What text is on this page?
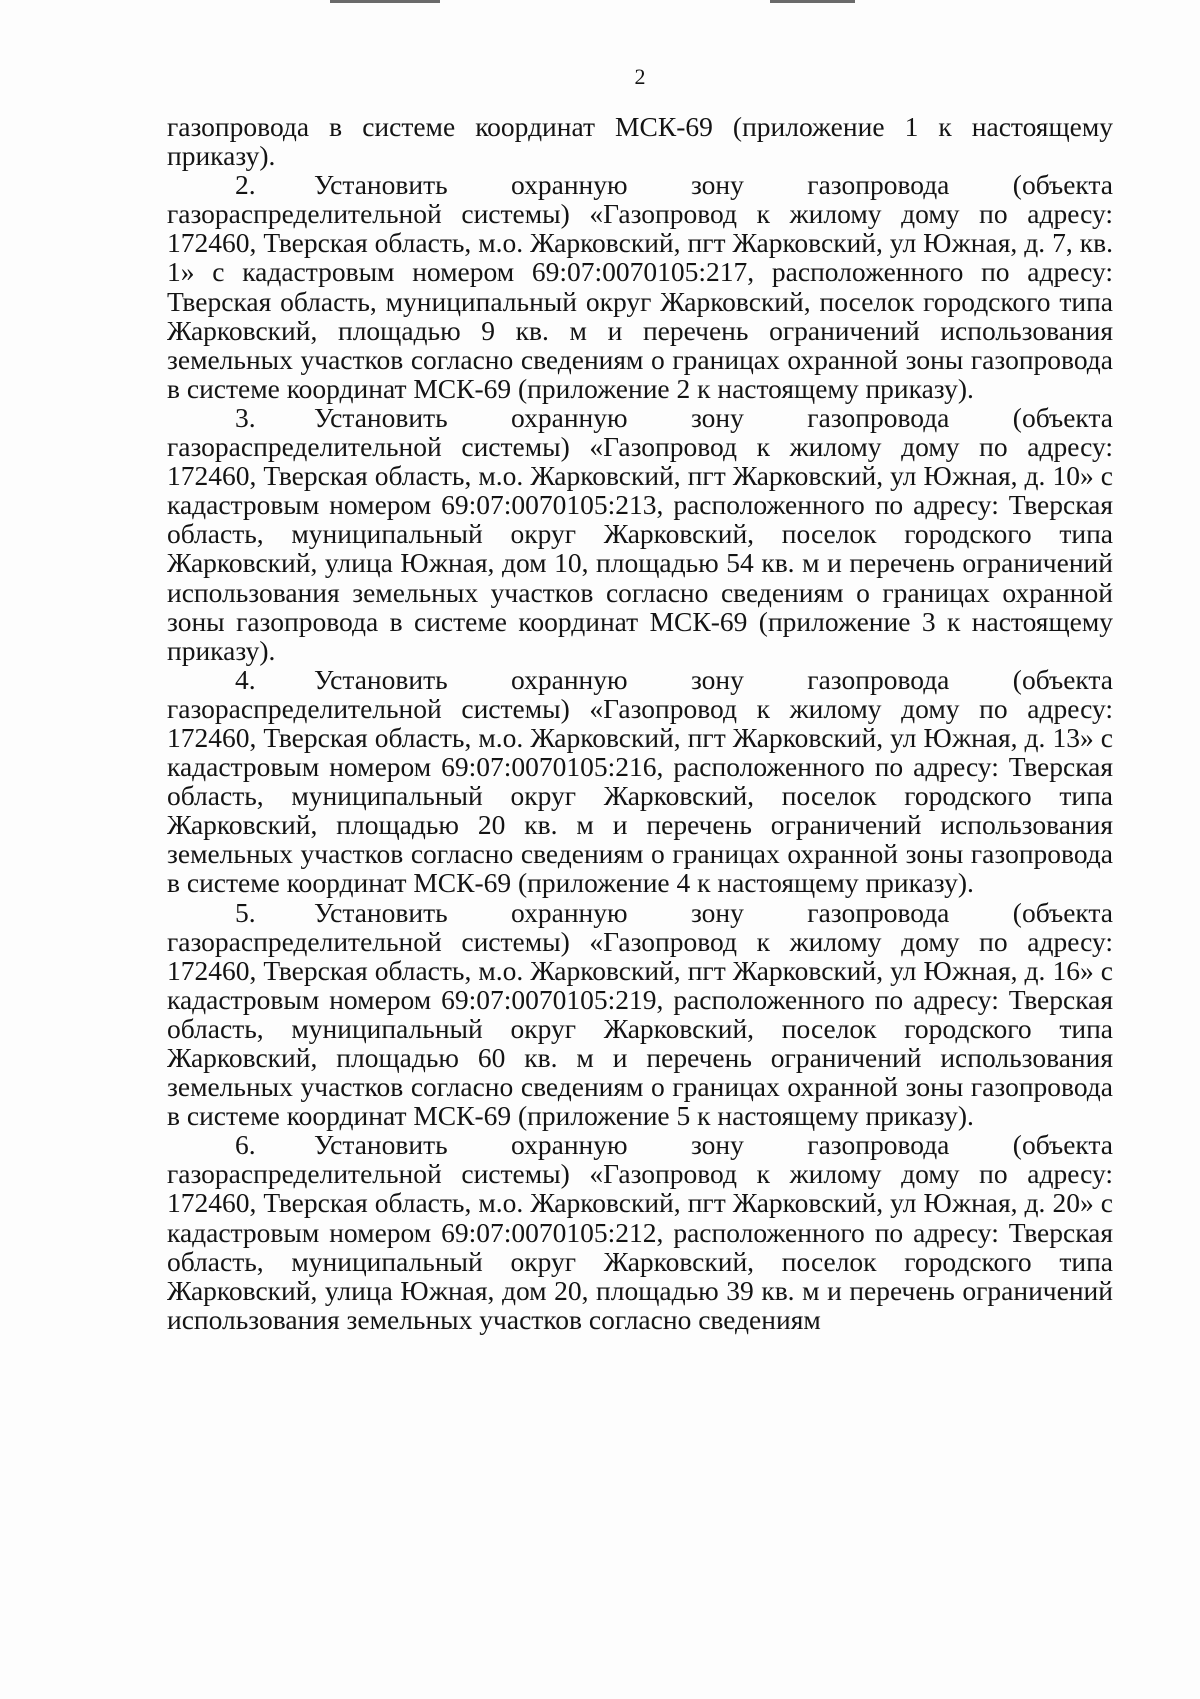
2

газопровода в системе координат МСК-69 (приложение 1 к настоящему приказу).

2. Установить охранную зону газопровода (объекта газораспределительной системы) «Газопровод к жилому дому по адресу: 172460, Тверская область, м.о. Жарковский, пгт Жарковский, ул Южная, д. 7, кв. 1» с кадастровым номером 69:07:0070105:217, расположенного по адресу: Тверская область, муниципальный округ Жарковский, поселок городского типа Жарковский, площадью 9 кв. м и перечень ограничений использования земельных участков согласно сведениям о границах охранной зоны газопровода в системе координат МСК-69 (приложение 2 к настоящему приказу).

3. Установить охранную зону газопровода (объекта газораспределительной системы) «Газопровод к жилому дому по адресу: 172460, Тверская область, м.о. Жарковский, пгт Жарковский, ул Южная, д. 10» с кадастровым номером 69:07:0070105:213, расположенного по адресу: Тверская область, муниципальный округ Жарковский, поселок городского типа Жарковский, улица Южная, дом 10, площадью 54 кв. м и перечень ограничений использования земельных участков согласно сведениям о границах охранной зоны газопровода в системе координат МСК-69 (приложение 3 к настоящему приказу).

4. Установить охранную зону газопровода (объекта газораспределительной системы) «Газопровод к жилому дому по адресу: 172460, Тверская область, м.о. Жарковский, пгт Жарковский, ул Южная, д. 13» с кадастровым номером 69:07:0070105:216, расположенного по адресу: Тверская область, муниципальный округ Жарковский, поселок городского типа Жарковский, площадью 20 кв. м и перечень ограничений использования земельных участков согласно сведениям о границах охранной зоны газопровода в системе координат МСК-69 (приложение 4 к настоящему приказу).

5. Установить охранную зону газопровода (объекта газораспределительной системы) «Газопровод к жилому дому по адресу: 172460, Тверская область, м.о. Жарковский, пгт Жарковский, ул Южная, д. 16» с кадастровым номером 69:07:0070105:219, расположенного по адресу: Тверская область, муниципальный округ Жарковский, поселок городского типа Жарковский, площадью 60 кв. м и перечень ограничений использования земельных участков согласно сведениям о границах охранной зоны газопровода в системе координат МСК-69 (приложение 5 к настоящему приказу).

6. Установить охранную зону газопровода (объекта газораспределительной системы) «Газопровод к жилому дому по адресу: 172460, Тверская область, м.о. Жарковский, пгт Жарковский, ул Южная, д. 20» с кадастровым номером 69:07:0070105:212, расположенного по адресу: Тверская область, муниципальный округ Жарковский, поселок городского типа Жарковский, улица Южная, дом 20, площадью 39 кв. м и перечень ограничений использования земельных участков согласно сведениям
